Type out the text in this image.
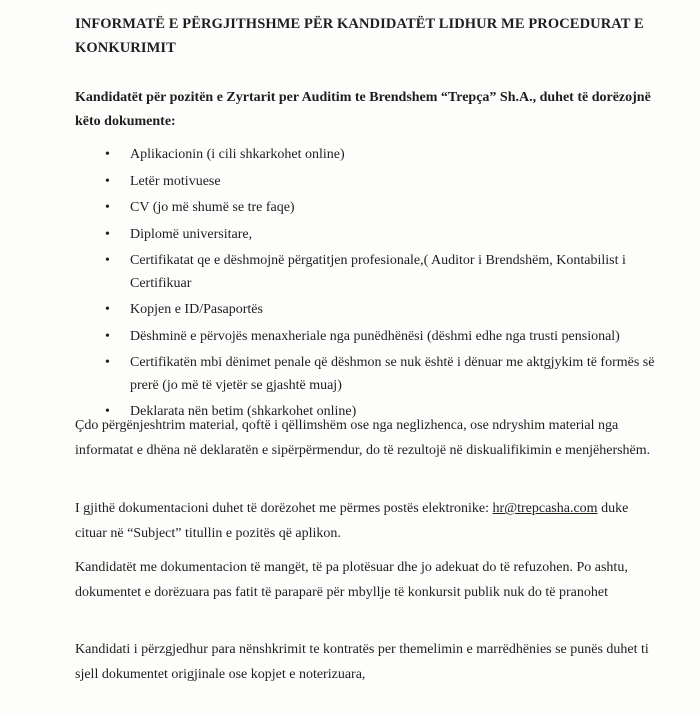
INFORMATË E PËRGJITHSHME PËR KANDIDATËT LIDHUR ME PROCEDURAT E KONKURIMIT
Kandidatët për pozitën e Zyrtarit per Auditim te Brendshem “Trepça” Sh.A., duhet të dorëzojnë këto dokumente:
• Aplikacionin (i cili shkarkohet online)
• Letër motivuese
• CV (jo më shumë se tre faqe)
• Diplomë universitare,
• Certifikatat qe e dëshmojnë përgatitjen profesionale,( Auditor i Brendshëm, Kontabilist i Certifikuar
• Kopjen e ID/Pasaportës
• Dëshminë e përvojës menaxheriale nga punëdhënësi (dëshmi edhe nga trusti pensional)
• Certifikatën mbi dënimet penale që dëshmon se nuk është i dënuar me aktgjykim të formës së prerë (jo më të vjetër se gjashtë muaj)
• Deklarata nën betim (shkarkohet online)
Çdo përgënjeshtrim material, qoftë i qëllimshëm ose nga neglizhenca, ose ndryshim material nga informatat e dhëna në deklaratën e sipërpërmendur, do të rezultojë në diskualifikimin e menjëhershëm.
I gjithë dokumentacioni duhet të dorëzohet me përmes postës elektronike: hr@trepcasha.com duke cituar në “Subject” titullin e pozitës që aplikon.
Kandidatët me dokumentacion të mangët, të pa plotësuar dhe jo adekuat do të refuzohen. Po ashtu, dokumentet e dorëzuara pas fatit të paraparë për mbyllje të konkursit publik nuk do të pranohet
Kandidati i përzgjedhur para nënshkrimit te kontratës per themelimin e marrëdhënies se punës duhet ti sjell dokumentet origjinale ose kopjet e noterizuara,
